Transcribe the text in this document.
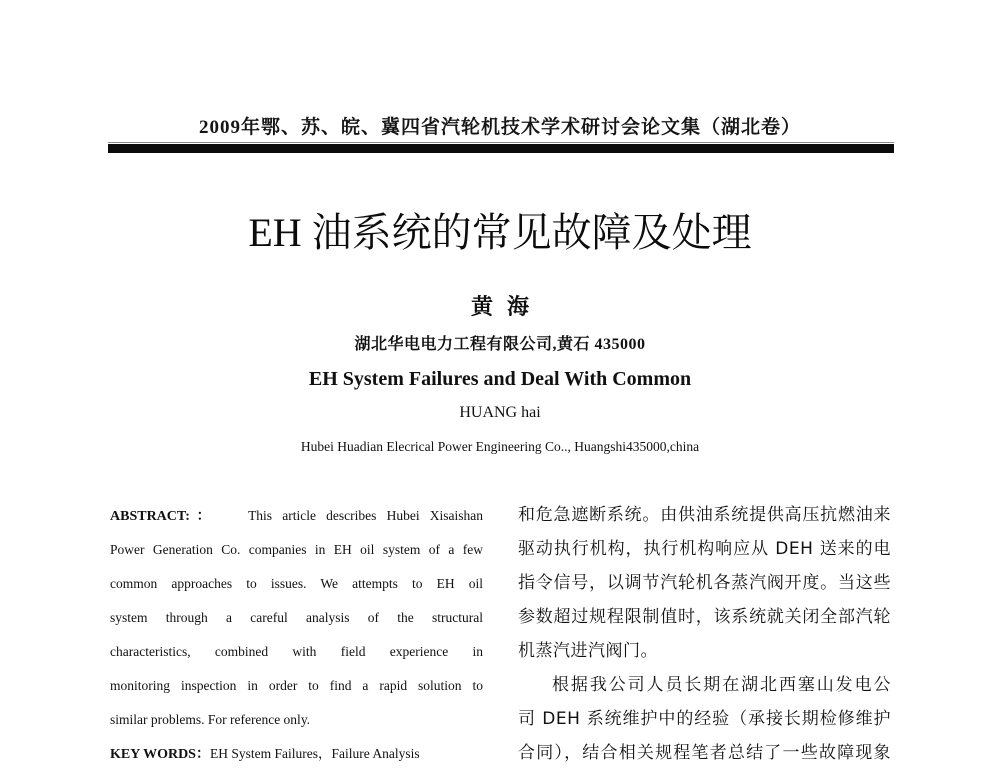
2009年鄂、苏、皖、冀四省汽轮机技术学术研讨会论文集（湖北卷）
EH 油系统的常见故障及处理
黄海
湖北华电电力工程有限公司,黄石 435000
EH System Failures and Deal With Common
HUANG hai
Hubei Huadian Elecrical Power Engineering Co.., Huangshi435000,china
ABSTRACT:： This article describes Hubei Xisaishan
Power Generation Co. companies in EH oil system of a few
common approaches to issues. We attempts to EH oil
system through a careful analysis of the structural
characteristics, combined with field experience in
monitoring inspection in order to find a rapid solution to
similar problems. For reference only.
KEY WORDS：EH System Failures，Failure Analysis
和危急遮断系统。由供油系统提供高压抗燃油来
驱动执行机构，执行机构响应从 DEH 送来的电
指令信号，以调节汽轮机各蒸汽阀开度。当这些
参数超过规程限制值时，该系统就关闭全部汽轮
机蒸汽进汽阀门。
根据我公司人员长期在湖北西塞山发电公
司 DEH 系统维护中的经验（承接长期检修维护
合同），结合相关规程笔者总结了一些故障现象
